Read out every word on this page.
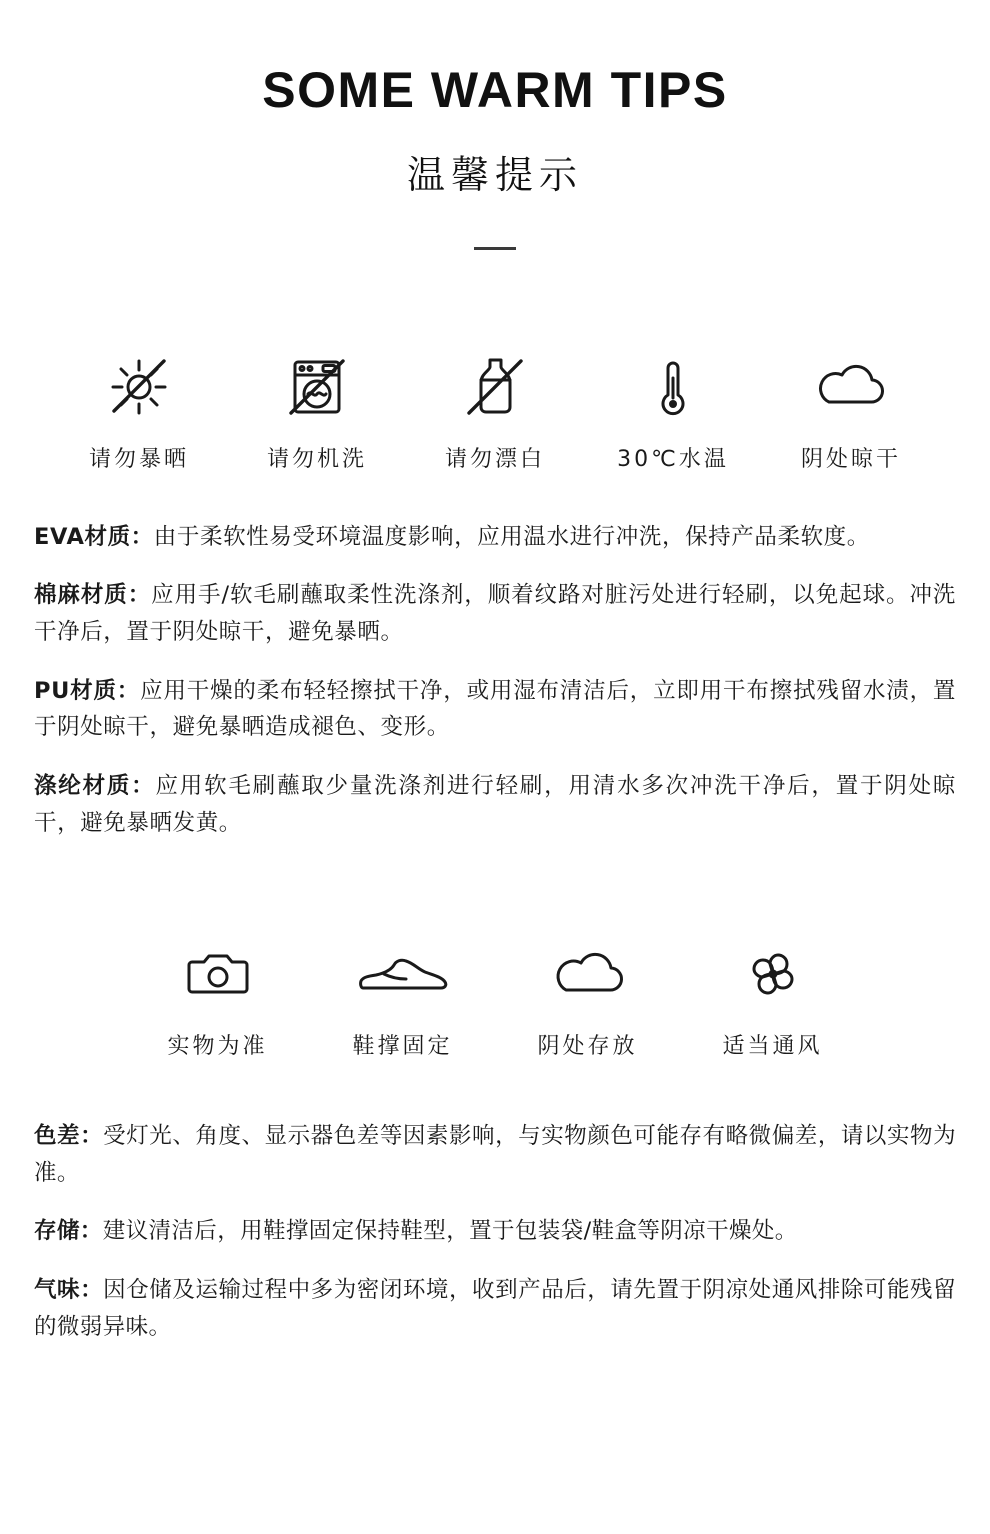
SOME WARM TIPS
温馨提示
请勿暴晒	请勿机洗	请勿漂白	30℃水温	阴处晾干

EVA材质：由于柔软性易受环境温度影响，应用温水进行冲洗，保持产品柔软度。

棉麻材质：应用手/软毛刷蘸取柔性洗涤剂，顺着纹路对脏污处进行轻刷，以免起球。冲洗干净后，置于阴处晾干，避免暴晒。

PU材质：应用干燥的柔布轻轻擦拭干净，或用湿布清洁后，立即用干布擦拭残留水渍，置于阴处晾干，避免暴晒造成褪色、变形。

涤纶材质：应用软毛刷蘸取少量洗涤剂进行轻刷，用清水多次冲洗干净后，置于阴处晾干，避免暴晒发黄。

实物为准	鞋撑固定	阴处存放	适当通风

色差：受灯光、角度、显示器色差等因素影响，与实物颜色可能存有略微偏差，请以实物为准。

存储：建议清洁后，用鞋撑固定保持鞋型，置于包装袋/鞋盒等阴凉干燥处。

气味：因仓储及运输过程中多为密闭环境，收到产品后，请先置于阴凉处通风排除可能残留的微弱异味。
